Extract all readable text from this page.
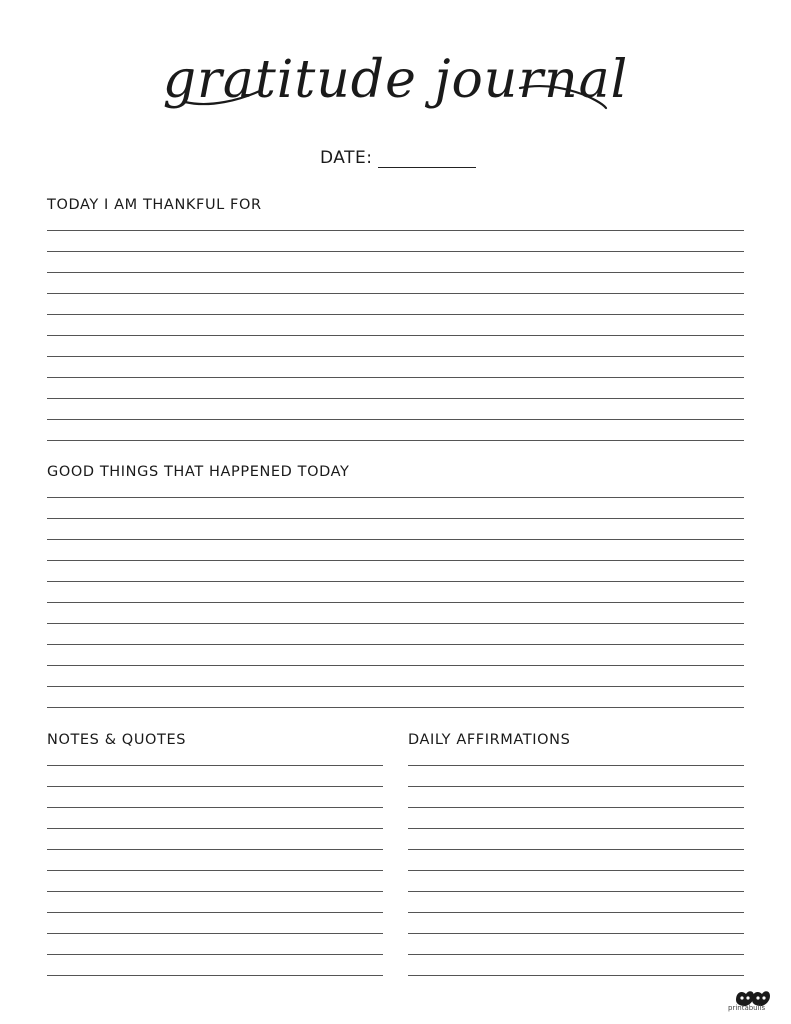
gratitude journal
DATE:
TODAY I AM THANKFUL FOR
GOOD THINGS THAT HAPPENED TODAY
NOTES & QUOTES	DAILY AFFIRMATIONS
printabulls
